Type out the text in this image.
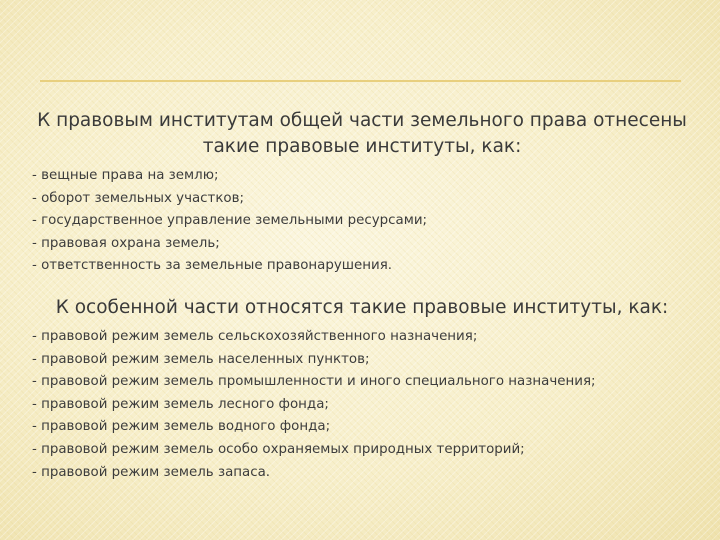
К правовым институтам общей части земельного права отнесены такие правовые институты, как:
- вещные права на землю;
- оборот земельных участков;
- государственное управление земельными ресурсами;
- правовая охрана земель;
- ответственность за земельные правонарушения.
К особенной части относятся такие правовые институты, как:
- правовой режим земель сельскохозяйственного назначения;
- правовой режим земель населенных пунктов;
- правовой режим земель промышленности и иного специального назначения;
- правовой режим земель лесного фонда;
- правовой режим земель водного фонда;
- правовой режим земель особо охраняемых природных территорий;
- правовой режим земель запаса.
